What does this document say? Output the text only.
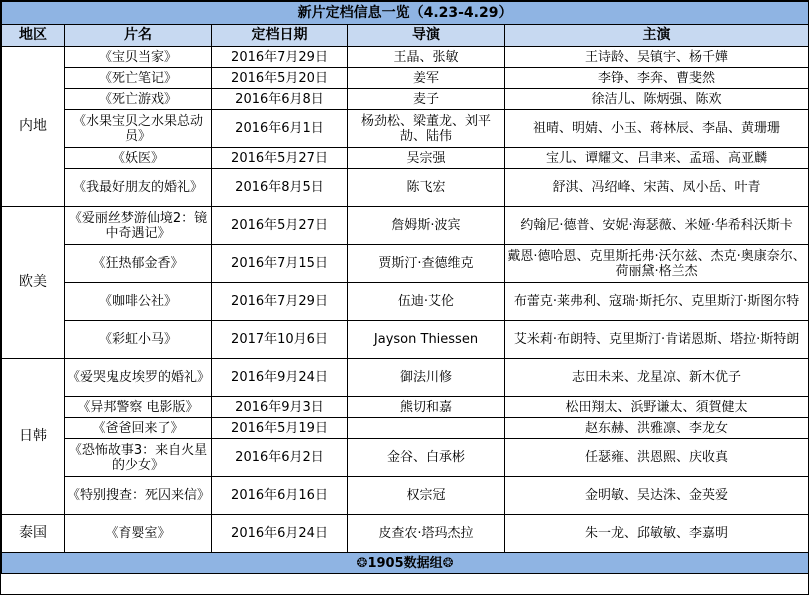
新片定档信息一览（4.23-4.29）				
地区	片名	定档日期	导演	主演
内地	《宝贝当家》	2016年7月29日	王晶、张敏	王诗龄、吴镇宇、杨千嬅
	《死亡笔记》	2016年5月20日	姜军	李铮、李奔、曹斐然
	《死亡游戏》	2016年6月8日	麦子	徐洁儿、陈炳强、陈欢
	《水果宝贝之水果总动员》	2016年6月1日	杨劲松、梁董龙、刘平劼、陆伟	祖晴、明婧、小玉、蒋林辰、李晶、黄珊珊
	《妖医》	2016年5月27日	吴宗强	宝儿、谭耀文、吕聿来、孟瑶、高亚麟
	《我最好朋友的婚礼》	2016年8月5日	陈飞宏	舒淇、冯绍峰、宋茜、凤小岳、叶青
欧美	《爱丽丝梦游仙境2：镜中奇遇记》	2016年5月27日	詹姆斯·波宾	约翰尼·德普、安妮·海瑟薇、米娅·华希科沃斯卡
	《狂热郁金香》	2016年7月15日	贾斯汀·查德维克	戴恩·德哈恩、克里斯托弗·沃尔兹、杰克·奥康奈尔、荷丽黛·格兰杰
	《咖啡公社》	2016年7月29日	伍迪·艾伦	布蕾克·莱弗利、寇瑞·斯托尔、克里斯汀·斯图尔特
	《彩虹小马》	2017年10月6日	Jayson Thiessen	艾米莉·布朗特、克里斯汀·肯诺恩斯、塔拉·斯特朗
日韩	《爱哭鬼皮埃罗的婚礼》	2016年9月24日	御法川修	志田未来、龙星凉、新木优子
	《异邦警察 电影版》	2016年9月3日	熊切和嘉	松田翔太、浜野谦太、須賀健太
	《爸爸回来了》	2016年5月19日		赵东赫、洪雅凛、李龙女
	《恐怖故事3：来自火星的少女》	2016年6月2日	金谷、白承彬	任瑟雍、洪恩熙、庆收真
	《特别搜查：死囚来信》	2016年6月16日	权宗冠	金明敏、吴达洙、金英爱
泰国	《育婴室》	2016年6月24日	皮查农·塔玛杰拉	朱一龙、邱敏敏、李嘉明
❂1905数据组❂				
